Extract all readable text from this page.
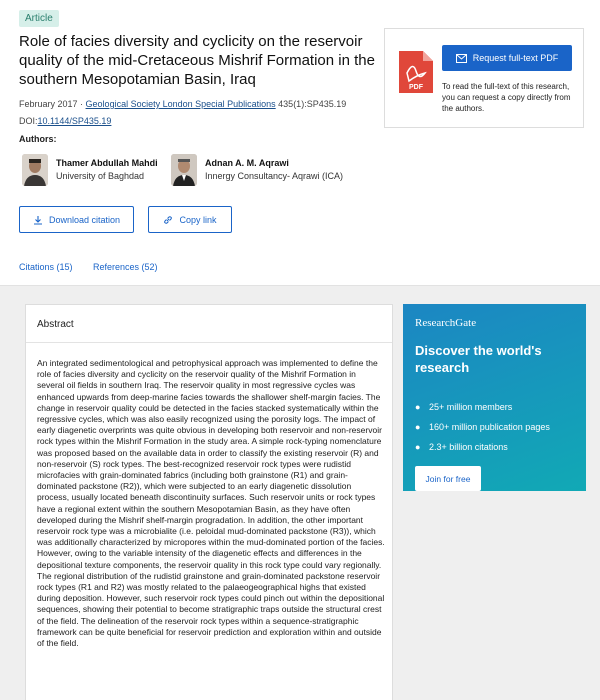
Article
Role of facies diversity and cyclicity on the reservoir quality of the mid-Cretaceous Mishrif Formation in the southern Mesopotamian Basin, Iraq
February 2017 · Geological Society London Special Publications 435(1):SP435.19
DOI:10.1144/SP435.19
Authors:
Thamer Abdullah Mahdi
University of Baghdad
Adnan A. M. Aqrawi
Innergy Consultancy- Aqrawi (ICA)
Download citation	Copy link
Citations (15) References (52)
PDF
Request full-text PDF

To read the full-text of this research, you can request a copy directly from the authors.

Abstract

An integrated sedimentological and petrophysical approach was implemented to define the role of facies diversity and cyclicity on the reservoir quality of the Mishrif Formation in several oil fields in southern Iraq. The reservoir quality in most regressive cycles was enhanced upwards from deep-marine facies towards the shallower shelf-margin facies. The change in reservoir quality could be detected in the facies stacked systematically within the regressive cycles, which was also easily recognized using the porosity logs. The impact of early diagenetic overprints was quite obvious in developing both reservoir and non-reservoir rock types within the Mishrif Formation in the study area. A simple rock-typing nomenclature was proposed based on the available data in order to classify the existing reservoir (R) and non-reservoir (S) rock types. The best-recognized reservoir rock types were rudistid microfacies with grain-dominated fabrics (including both grainstone (R1) and grain-dominated packstone (R2)), which were subjected to an early diagenetic dissolution process, usually located beneath discontinuity surfaces. Such reservoir units or rock types have a regional extent within the southern Mesopotamian Basin, as they have often developed during the Mishrif shelf-margin progradation. In addition, the other important reservoir rock type was a microbialite (i.e. peloidal mud-dominated packstone (R3)), which was additionally characterized by micropores within the mud-dominated portion of the facies. However, owing to the variable intensity of the diagenetic effects and differences in the depositional texture components, the reservoir quality in this rock type could vary regionally. The regional distribution of the rudistid grainstone and grain-dominated packstone reservoir rock types (R1 and R2) was mostly related to the palaeogeographical highs that existed during deposition. However, such reservoir rock types could pinch out within the depositional sequences, showing their potential to become stratigraphic traps outside the structural crest of the field. The delineation of the reservoir rock types within a sequence-stratigraphic framework can be quite beneficial for reservoir prediction and exploration within and outside of the field.

ResearchGate
Discover the world's research
● 25+ million members
● 160+ million publication pages
● 2.3+ billion citations
Join for free
